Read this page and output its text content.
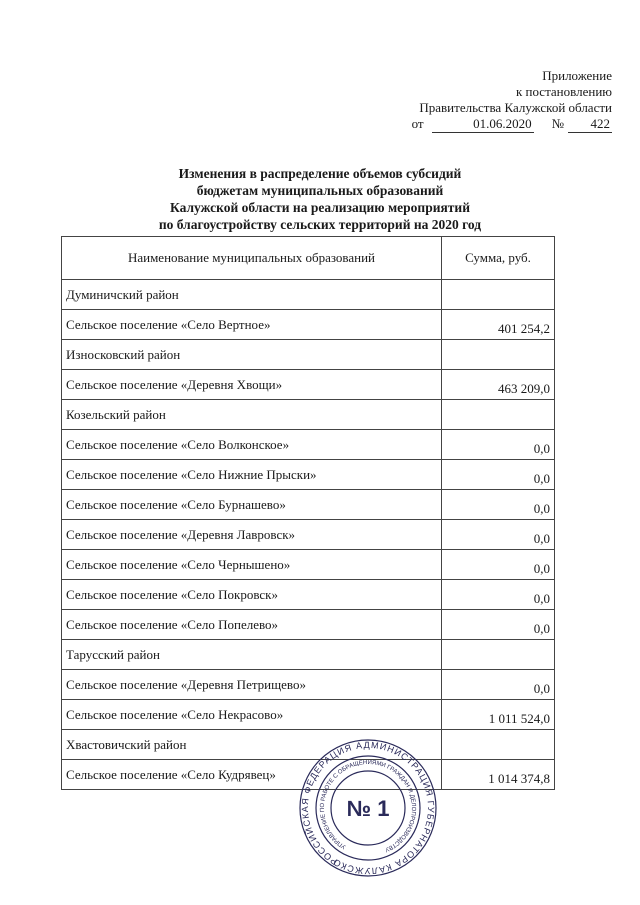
Приложение
к постановлению
Правительства Калужской области
от	01.06.2020 №	422
Изменения в распределение объемов субсидий
бюджетам муниципальных образований
Калужской области на реализацию мероприятий
по благоустройству сельских территорий на 2020 год
Наименование муниципальных образований	Сумма, руб.
Думиничский район	
Сельское поселение «Село Вертное»	401 254,2
Износковский район	
Сельское поселение «Деревня Хвощи»	463 209,0
Козельский район	
Сельское поселение «Село Волконское»	0,0
Сельское поселение «Село Нижние Прыски»	0,0
Сельское поселение «Село Бурнашево»	0,0
Сельское поселение «Деревня Лавровск»	0,0
Сельское поселение «Село Чернышено»	0,0
Сельское поселение «Село Покровск»	0,0
Сельское поселение «Село Попелево»	0,0
Тарусский район	
Сельское поселение «Деревня Петрищево»	0,0
Сельское поселение «Село Некрасово»	1 011 524,0
Хвастовичский район	
Сельское поселение «Село Кудрявец»	1 014 374,8
РОССИЙСКАЯ ФЕДЕРАЦИЯ АДМИНИСТРАЦИЯ ГУБЕРНАТОРА КАЛУЖСКОЙ
УПРАВЛЕНИЕ ПО РАБОТЕ С ОБРАЩЕНИЯМИ ГРАЖДАН И ДЕЛОПРОИЗВОДСТВУ
№ 1
